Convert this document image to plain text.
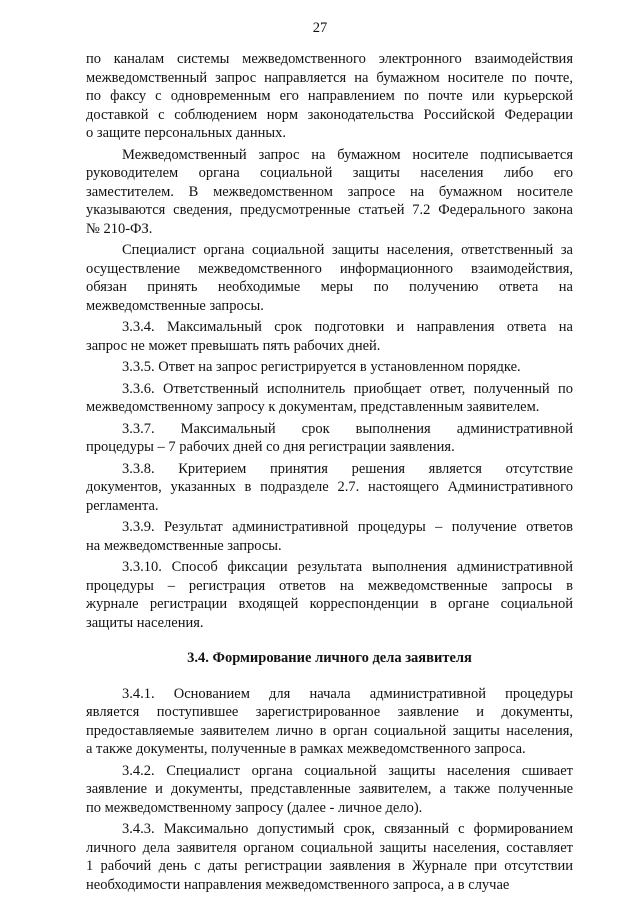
27
по каналам системы межведомственного электронного взаимодействия
межведомственный запрос направляется на бумажном носителе по почте,
по факсу с одновременным его направлением по почте или курьерской
доставкой с соблюдением норм законодательства Российской Федерации
о защите персональных данных.
Межведомственный запрос на бумажном носителе подписывается
руководителем органа социальной защиты населения либо его
заместителем. В межведомственном запросе на бумажном носителе
указываются сведения, предусмотренные статьей 7.2 Федерального закона
№ 210-ФЗ.
Специалист органа социальной защиты населения, ответственный за
осуществление межведомственного информационного взаимодействия,
обязан принять необходимые меры по получению ответа на
межведомственные запросы.
3.3.4. Максимальный срок подготовки и направления ответа на
запрос не может превышать пять рабочих дней.
3.3.5. Ответ на запрос регистрируется в установленном порядке.
3.3.6. Ответственный исполнитель приобщает ответ, полученный по
межведомственному запросу к документам, представленным заявителем.
3.3.7. Максимальный срок выполнения административной
процедуры – 7 рабочих дней со дня регистрации заявления.
3.3.8. Критерием принятия решения является отсутствие
документов, указанных в подразделе 2.7. настоящего Административного
регламента.
3.3.9. Результат административной процедуры – получение ответов
на межведомственные запросы.
3.3.10. Способ фиксации результата выполнения административной
процедуры – регистрация ответов на межведомственные запросы в
журнале регистрации входящей корреспонденции в органе социальной
защиты населения.
3.4. Формирование личного дела заявителя
3.4.1. Основанием для начала административной процедуры
является поступившее зарегистрированное заявление и документы,
предоставляемые заявителем лично в орган социальной защиты населения,
а также документы, полученные в рамках межведомственного запроса.
3.4.2. Специалист органа социальной защиты населения сшивает
заявление и документы, представленные заявителем, а также полученные
по межведомственному запросу (далее - личное дело).
3.4.3. Максимально допустимый срок, связанный с формированием
личного дела заявителя органом социальной защиты населения, составляет
1 рабочий день с даты регистрации заявления в Журнале при отсутствии
необходимости направления межведомственного запроса, а в случае
